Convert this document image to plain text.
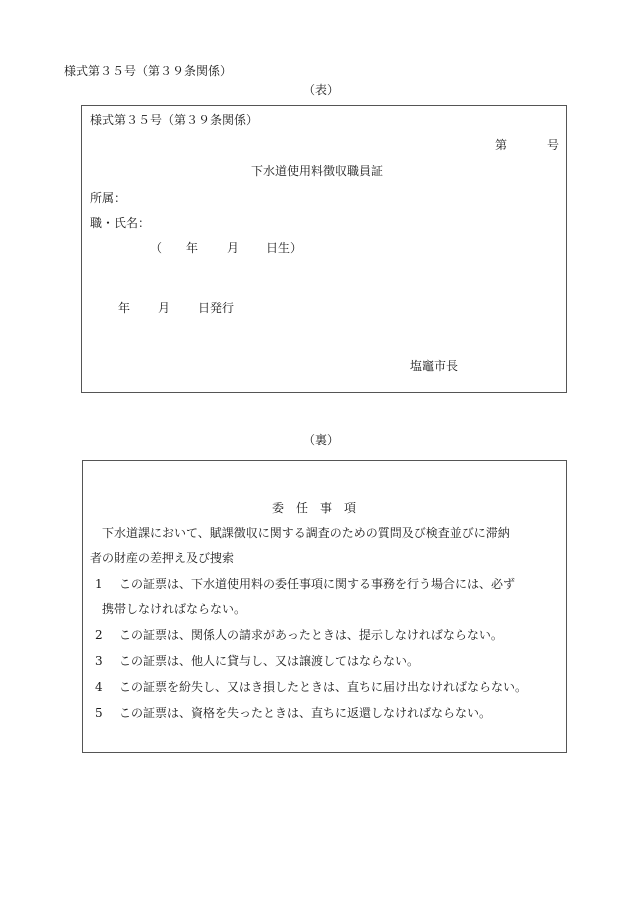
様式第３５号（第３９条関係）
（表）
様式第３５号（第３９条関係）
第	号
下水道使用料徴収職員証
所属：
職・氏名：
（ 年 月 日生）
年 月 日発行
塩竈市長
（裏）
委　任　事　項
下水道課において、賦課徴収に関する調査のための質問及び検査並びに滞納
者の財産の差押え及び捜索
1 この証票は、下水道使用料の委任事項に関する事務を行う場合には、必ず
携帯しなければならない。
2 この証票は、関係人の請求があったときは、提示しなければならない。
3 この証票は、他人に貸与し、又は譲渡してはならない。
4 この証票を紛失し、又はき損したときは、直ちに届け出なければならない。
5 この証票は、資格を失ったときは、直ちに返還しなければならない。
